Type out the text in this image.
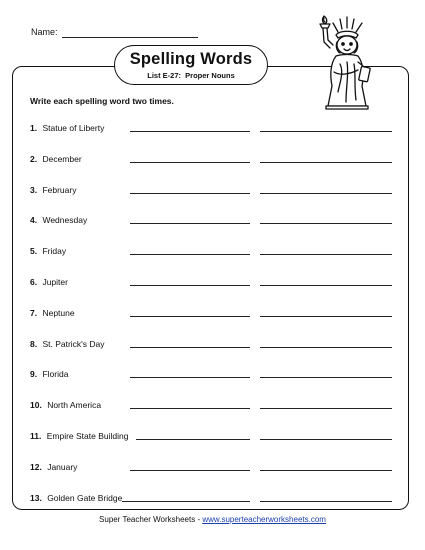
Name:
Spelling Words
List E-27: Proper Nouns
Write each spelling word two times.
1. Statue of Liberty
2. December
3. February
4. Wednesday
5. Friday
6. Jupiter
7. Neptune
8. St. Patrick's Day
9. Florida
10. North America
11. Empire State Building
12. January
13. Golden Gate Bridge
Super Teacher Worksheets - www.superteacherworksheets.com
